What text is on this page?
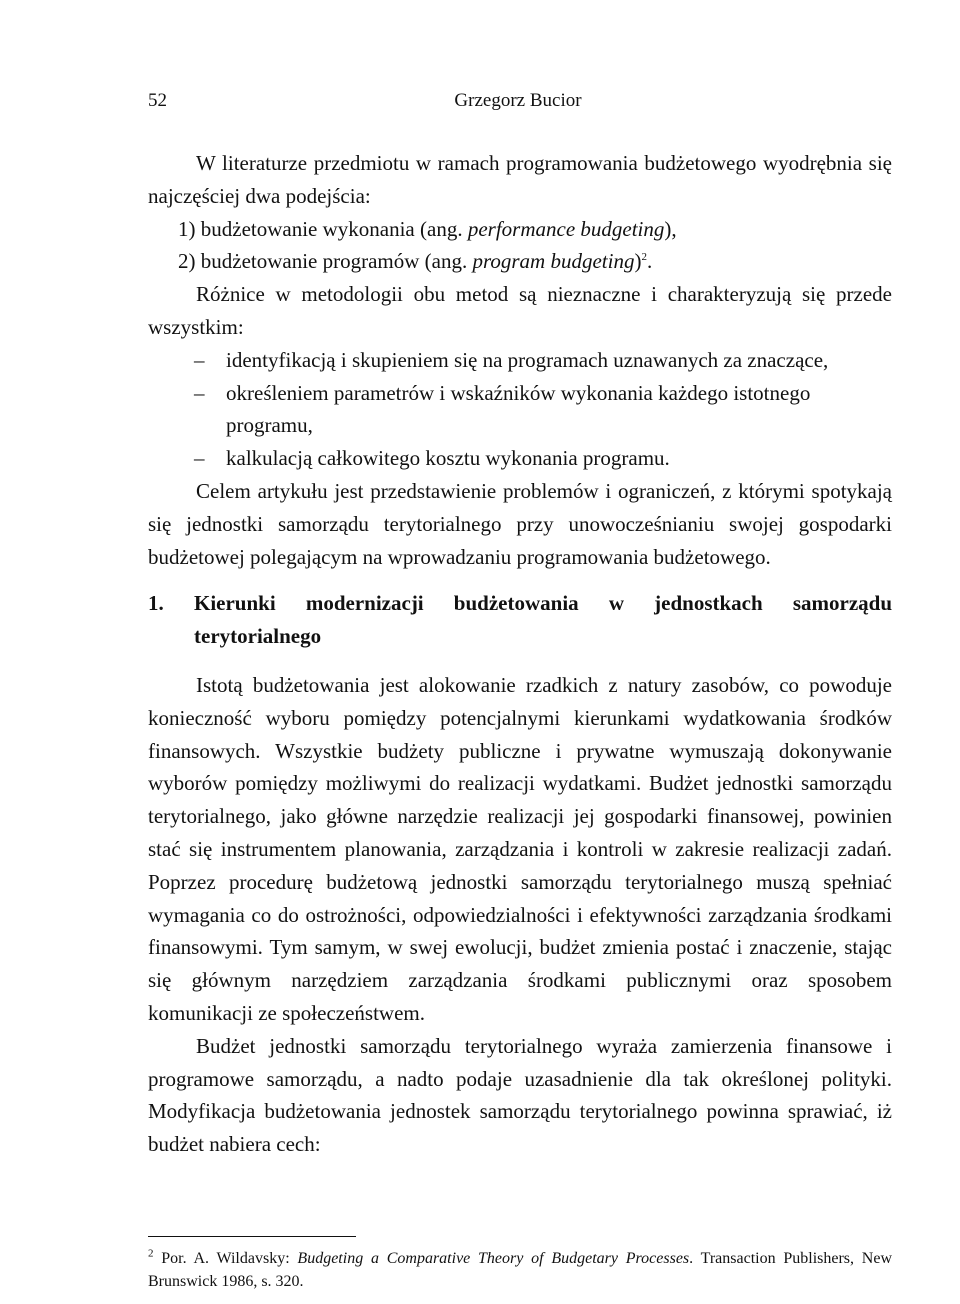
52	Grzegorz Bucior

W literaturze przedmiotu w ramach programowania budżetowego wyodrębnia się najczęściej dwa podejścia:

1) budżetowanie wykonania (ang. performance budgeting),
2) budżetowanie programów (ang. program budgeting)$^2$.

Różnice w metodologii obu metod są nieznaczne i charakteryzują się przede wszystkim:

– identyfikacją i skupieniem się na programach uznawanych za znaczące,
– określeniem parametrów i wskaźników wykonania każdego istotnego programu,
– kalkulacją całkowitego kosztu wykonania programu.

Celem artykułu jest przedstawienie problemów i ograniczeń, z którymi spotykają się jednostki samorządu terytorialnego przy unowocześnianiu swojej gospodarki budżetowej polegającym na wprowadzaniu programowania budżetowego.

1.	Kierunki modernizacji budżetowania w jednostkach samorządu terytorialnego

Istotą budżetowania jest alokowanie rzadkich z natury zasobów, co powoduje konieczność wyboru pomiędzy potencjalnymi kierunkami wydatkowania środków finansowych. Wszystkie budżety publiczne i prywatne wymuszają dokonywanie wyborów pomiędzy możliwymi do realizacji wydatkami. Budżet jednostki samorządu terytorialnego, jako główne narzędzie realizacji jej gospodarki finansowej, powinien stać się instrumentem planowania, zarządzania i kontroli w zakresie realizacji zadań. Poprzez procedurę budżetową jednostki samorządu terytorialnego muszą spełniać wymagania co do ostrożności, odpowiedzialności i efektywności zarządzania środkami finansowymi. Tym samym, w swej ewolucji, budżet zmienia postać i znaczenie, stając się głównym narzędziem zarządzania środkami publicznymi oraz sposobem komunikacji ze społeczeństwem.

Budżet jednostki samorządu terytorialnego wyraża zamierzenia finansowe i programowe samorządu, a nadto podaje uzasadnienie dla tak określonej polityki. Modyfikacja budżetowania jednostek samorządu terytorialnego powinna sprawiać, iż budżet nabiera cech:

$^2$ Por. A. Wildavsky: Budgeting a Comparative Theory of Budgetary Processes. Transaction Publishers, New Brunswick 1986, s. 320.
